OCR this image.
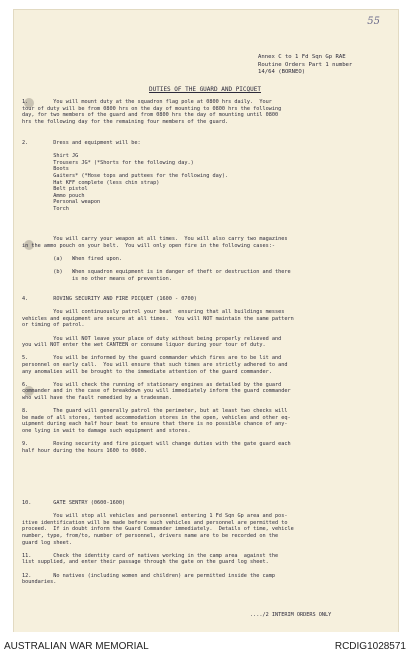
55
Annex C to 1 Fd Sqn Gp RAE
Routine Orders Part 1 number
14/64 (BORNEO)
DUTIES OF THE GUARD AND PICQUET
1.        You will mount duty at the squadron flag pole at 0800 hrs daily.  Your
tour of duty will be from 0800 hrs on the day of mounting to 0800 hrs the following
day, for two members of the guard and from 0800 hrs the day of mounting until 0800
hrs the following day for the remaining four members of the guard.
2.        Dress and equipment will be:

Shirt JG
Trousers JG* (*Shorts for the following day.)
Boots
Gaiters* (*Hose tops and puttees for the following day).
Hat KFF complete (less chin strap)
Belt pistol
Ammo pouch
Personal weapon
Torch
You will carry your weapon at all times.  You will also carry two magazines
in the ammo pouch on your belt.  You will only open fire in the following cases:-

(a)   When fired upon.

(b)   When squadron equipment is in danger of theft or destruction and there
is no other means of prevention.
4.        ROVING SECURITY AND FIRE PICQUET (1600 - 0700)

You will continuously patrol your beat  ensuring that all buildings messes
vehicles and equipment are secure at all times.  You will NOT maintain the same pattern
or timing of patrol.

You will NOT leave your place of duty without being properly relieved and
you will NOT enter the wet CANTEEN or consume liquor during your tour of duty.

5.        You will be informed by the guard commander which fires are to be lit and
personnel on early call.  You will ensure that such times are strictly adhered to and
any anomalies will be brought to the immediate attention of the guard commander.

6.        You will check the running of stationary engines as detailed by the guard
commander and in the case of breakdown you will immediately inform the guard commander
who will have the fault remedied by a tradesman.

8.        The guard will generally patrol the perimeter, but at least two checks will
be made of all stores, tented accommodation stores in the open, vehicles and other eq-
uipment during each half hour beat to ensure that there is no possible chance of any-
one lying in wait to damage such equipment and stores.

9.        Roving security and fire picquet will change duties with the gate guard each
half hour during the hours 1600 to 0600.
10.       GATE SENTRY (0600-1600)

You will stop all vehicles and personnel entering 1 Fd Sqn Gp area and pos-
itive identification will be made before such vehicles and personnel are permitted to
proceed.  If in doubt inform the Guard Commander immediately.  Details of time, vehicle
number, type, from/to, number of personnel, drivers name are to be recorded on the
guard log sheet.

11.       Check the identity card of natives working in the camp area  against the
list supplied, and enter their passage through the gate on the guard log sheet.

12.       No natives (including women and children) are permitted inside the camp
boundaries.
..../2 INTERIM ORDERS ONLY
AUSTRALIAN WAR MEMORIAL	RCDIG1028571
